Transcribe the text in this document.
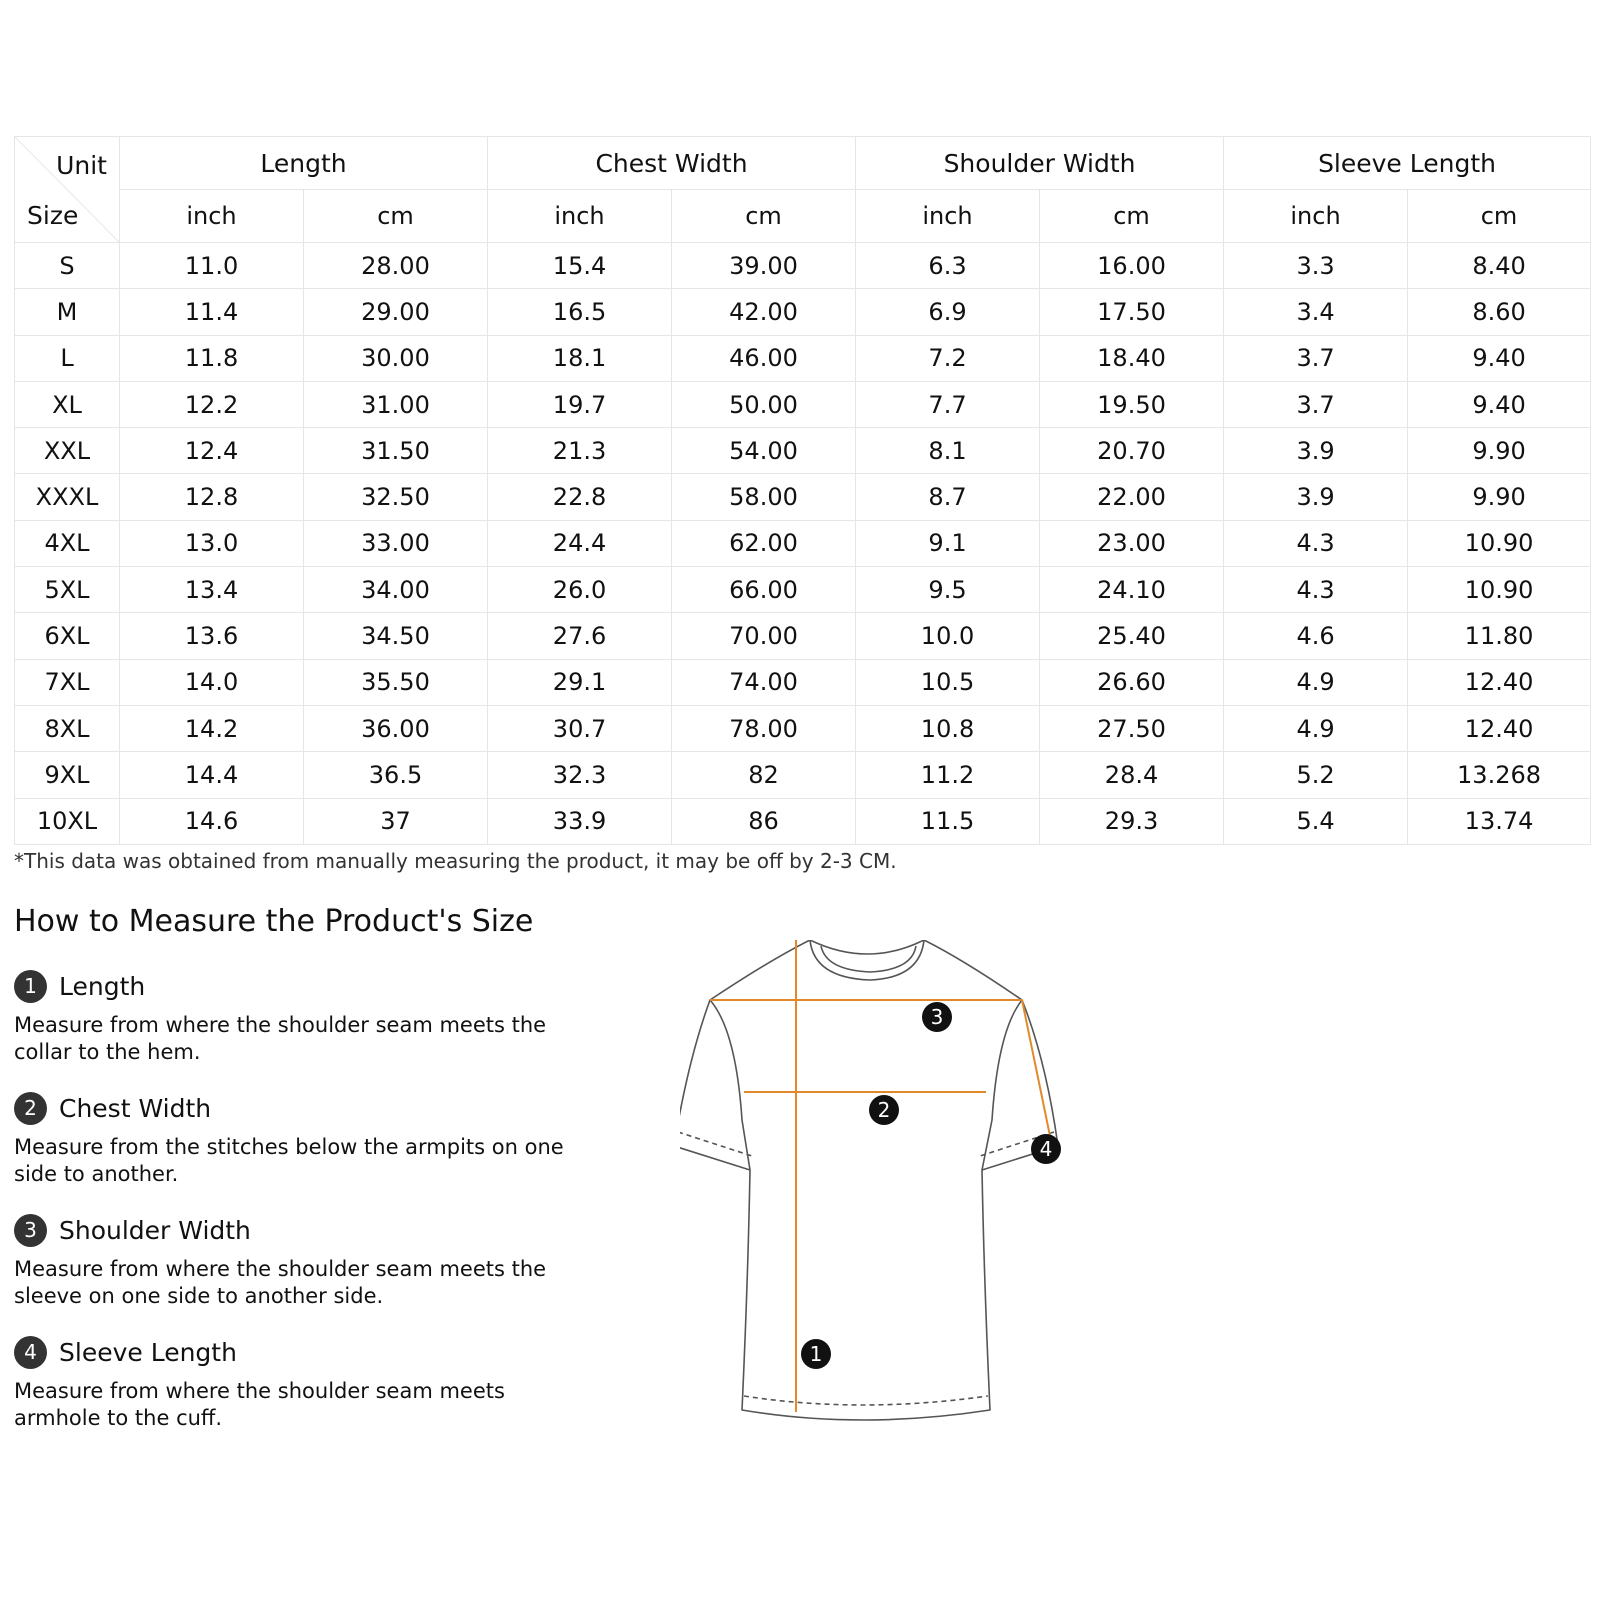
Unit
Size	Length		Chest Width		Shoulder Width		Sleeve Length	
	inch	cm	inch	cm	inch	cm	inch	cm
S	11.0	28.00	15.4	39.00	6.3	16.00	3.3	8.40
M	11.4	29.00	16.5	42.00	6.9	17.50	3.4	8.60
L	11.8	30.00	18.1	46.00	7.2	18.40	3.7	9.40
XL	12.2	31.00	19.7	50.00	7.7	19.50	3.7	9.40
XXL	12.4	31.50	21.3	54.00	8.1	20.70	3.9	9.90
XXXL	12.8	32.50	22.8	58.00	8.7	22.00	3.9	9.90
4XL	13.0	33.00	24.4	62.00	9.1	23.00	4.3	10.90
5XL	13.4	34.00	26.0	66.00	9.5	24.10	4.3	10.90
6XL	13.6	34.50	27.6	70.00	10.0	25.40	4.6	11.80
7XL	14.0	35.50	29.1	74.00	10.5	26.60	4.9	12.40
8XL	14.2	36.00	30.7	78.00	10.8	27.50	4.9	12.40
9XL	14.4	36.5	32.3	82	11.2	28.4	5.2	13.268
10XL	14.6	37	33.9	86	11.5	29.3	5.4	13.74
*This data was obtained from manually measuring the product, it may be off by 2-3 CM.
How to Measure the Product's Size
1 Length
Measure from where the shoulder seam meets the collar to the hem.
2 Chest Width
Measure from the stitches below the armpits on one side to another.
3 Shoulder Width
Measure from where the shoulder seam meets the sleeve on one side to another side.
4 Sleeve Length
Measure from where the shoulder seam meets armhole to the cuff.
1
2
3
4
